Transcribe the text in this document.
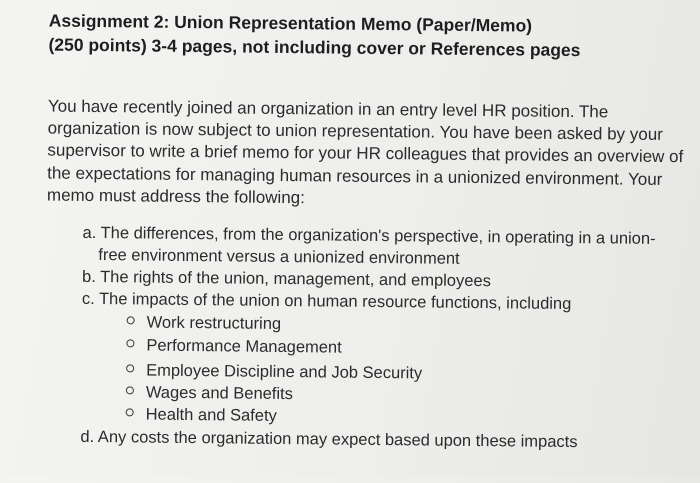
Assignment 2: Union Representation Memo (Paper/Memo)
(250 points) 3-4 pages, not including cover or References pages

You have recently joined an organization in an entry level HR position. The
organization is now subject to union representation. You have been asked by your
supervisor to write a brief memo for your HR colleagues that provides an overview of
the expectations for managing human resources in a unionized environment. Your
memo must address the following:

a. The differences, from the organization's perspective, in operating in a union-
free environment versus a unionized environment
b. The rights of the union, management, and employees
c. The impacts of the union on human resource functions, including
Work restructuring
Performance Management
Employee Discipline and Job Security
Wages and Benefits
Health and Safety
d. Any costs the organization may expect based upon these impacts
